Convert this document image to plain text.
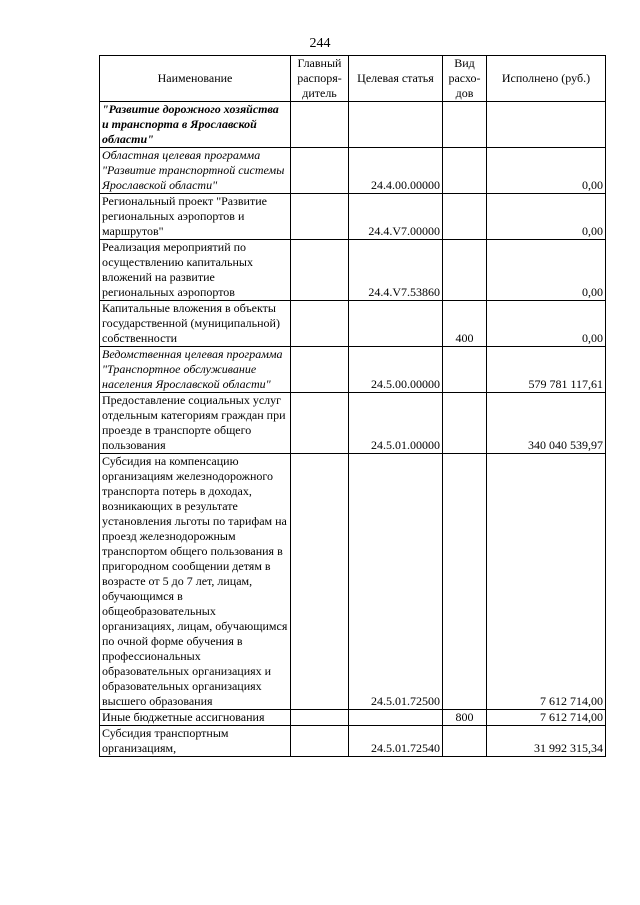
244
Наименование	Главный распоря-дитель	Целевая статья	Вид расхо-дов	Исполнено (руб.)
"Развитие дорожного хозяйства и транспорта в Ярославской области"				
Областная целевая программа "Развитие транспортной системы Ярославской области"		24.4.00.00000		0,00
Региональный проект "Развитие региональных аэропортов и маршрутов"		24.4.V7.00000		0,00
Реализация мероприятий по осуществлению капитальных вложений на развитие региональных аэропортов		24.4.V7.53860		0,00
Капитальные вложения в объекты государственной (муниципальной) собственности			400	0,00
Ведомственная целевая программа "Транспортное обслуживание населения Ярославской области"		24.5.00.00000		579 781 117,61
Предоставление социальных услуг отдельным категориям граждан при проезде в транспорте общего пользования		24.5.01.00000		340 040 539,97
Субсидия на компенсацию организациям железнодорожного транспорта потерь в доходах, возникающих в результате установления льготы по тарифам на проезд железнодорожным транспортом общего пользования в пригородном сообщении детям в возрасте от 5 до 7 лет, лицам, обучающимся в общеобразовательных организациях, лицам, обучающимся по очной форме обучения в профессиональных образовательных организациях и образовательных организациях высшего образования		24.5.01.72500		7 612 714,00
Иные бюджетные ассигнования			800	7 612 714,00
Субсидия транспортным организациям,		24.5.01.72540		31 992 315,34
